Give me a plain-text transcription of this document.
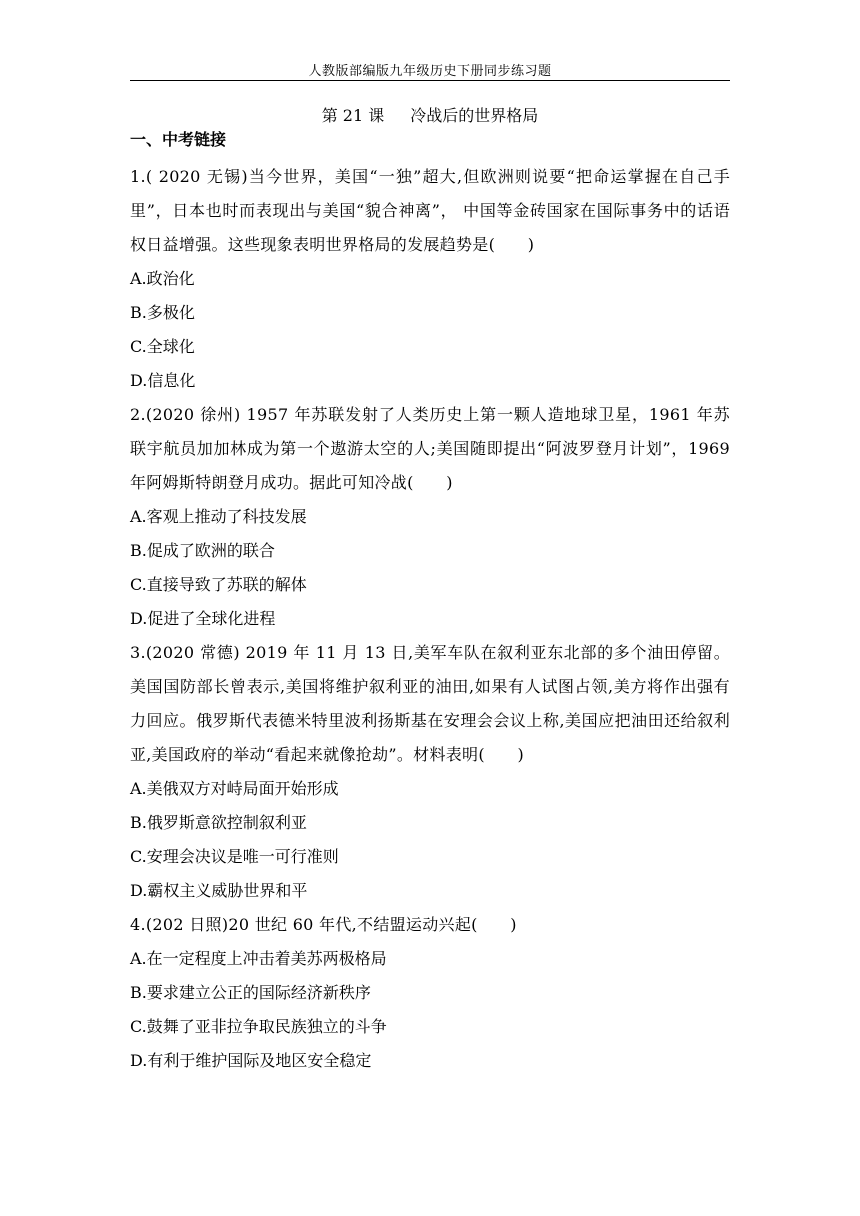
人教版部编版九年级历史下册同步练习题
第 21 课 冷战后的世界格局
一、中考链接

1.( 2020 无锡)当今世界，美国“一独”超大,但欧洲则说要“把命运掌握在自己手里”，日本也时而表现出与美国“貌合神离”， 中国等金砖国家在国际事务中的话语权日益增强。这些现象表明世界格局的发展趋势是(　　)

A.政治化

B.多极化

C.全球化

D.信息化

2.(2020 徐州) 1957 年苏联发射了人类历史上第一颗人造地球卫星，1961 年苏联宇航员加加林成为第一个遨游太空的人;美国随即提出“阿波罗登月计划”，1969 年阿姆斯特朗登月成功。据此可知冷战(　　)

A.客观上推动了科技发展

B.促成了欧洲的联合

C.直接导致了苏联的解体

D.促进了全球化进程

3.(2020 常德) 2019 年 11 月 13 日,美军车队在叙利亚东北部的多个油田停留。美国国防部长曾表示,美国将维护叙利亚的油田,如果有人试图占领,美方将作出强有力回应。俄罗斯代表德米特里波利扬斯基在安理会会议上称,美国应把油田还给叙利亚,美国政府的举动“看起来就像抢劫”。材料表明(　　)

A.美俄双方对峙局面开始形成

B.俄罗斯意欲控制叙利亚

C.安理会决议是唯一可行准则

D.霸权主义威胁世界和平

4.(202 日照)20 世纪 60 年代,不结盟运动兴起(　　)

A.在一定程度上冲击着美苏两极格局

B.要求建立公正的国际经济新秩序

C.鼓舞了亚非拉争取民族独立的斗争

D.有利于维护国际及地区安全稳定
